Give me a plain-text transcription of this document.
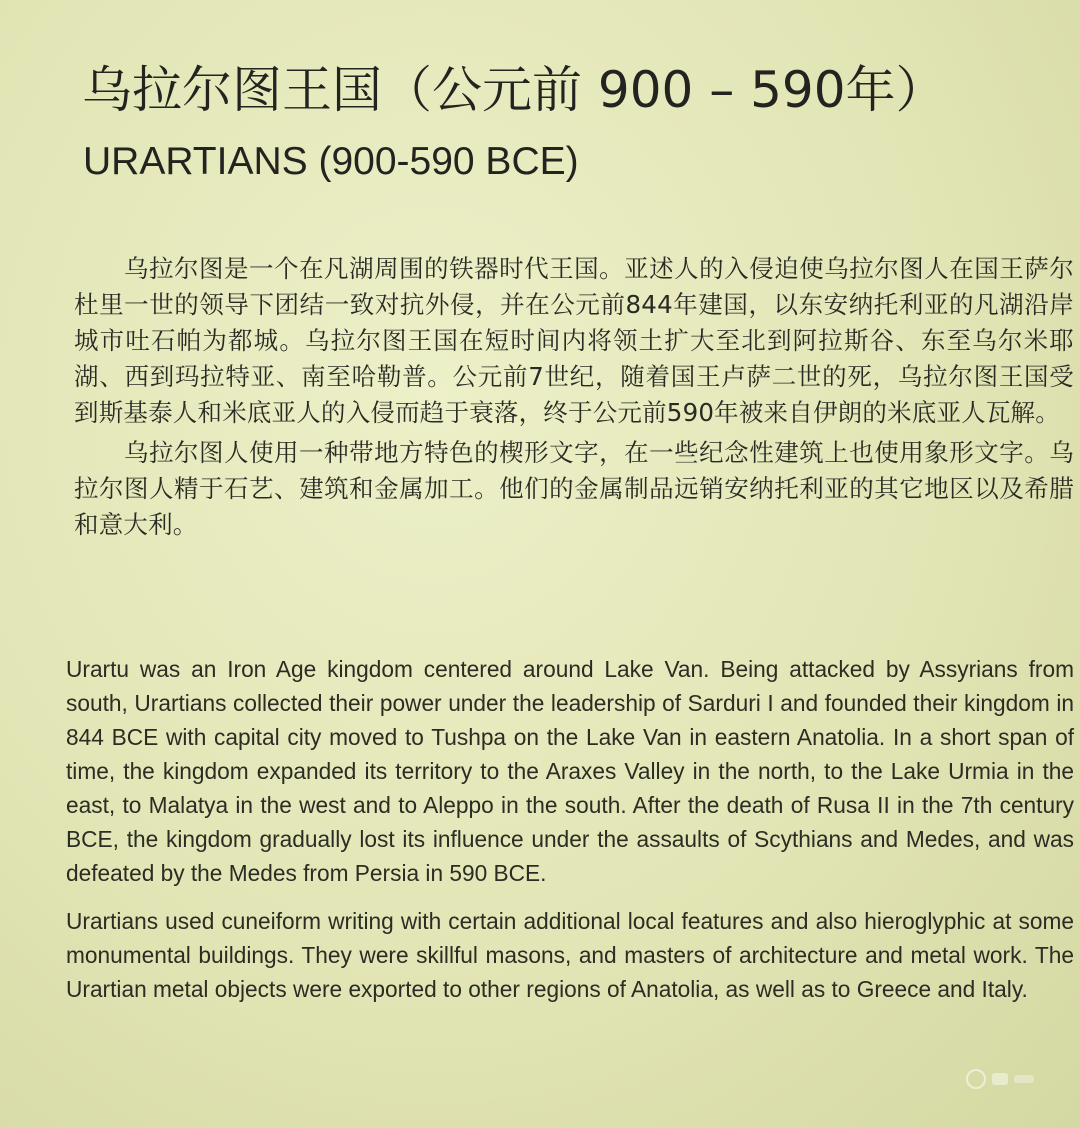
乌拉尔图王国（公元前 900 – 590年）
URARTIANS (900-590 BCE)

乌拉尔图是一个在凡湖周围的铁器时代王国。亚述人的入侵迫使乌拉尔图人在国王萨尔杜里一世的领导下团结一致对抗外侵，并在公元前844年建国，以东安纳托利亚的凡湖沿岸城市吐石帕为都城。乌拉尔图王国在短时间内将领土扩大至北到阿拉斯谷、东至乌尔米耶湖、西到玛拉特亚、南至哈勒普。公元前7世纪，随着国王卢萨二世的死，乌拉尔图王国受到斯基泰人和米底亚人的入侵而趋于衰落，终于公元前590年被来自伊朗的米底亚人瓦解。

乌拉尔图人使用一种带地方特色的楔形文字，在一些纪念性建筑上也使用象形文字。乌拉尔图人精于石艺、建筑和金属加工。他们的金属制品远销安纳托利亚的其它地区以及希腊和意大利。

Urartu was an Iron Age kingdom centered around Lake Van. Being attacked by Assyrians from south, Urartians collected their power under the leadership of Sarduri I and founded their kingdom in 844 BCE with capital city moved to Tushpa on the Lake Van in eastern Anatolia. In a short span of time, the kingdom expanded its territory to the Araxes Valley in the north, to the Lake Urmia in the east, to Malatya in the west and to Aleppo in the south. After the death of Rusa II in the 7th century BCE, the kingdom gradually lost its influence under the assaults of Scythians and Medes, and was defeated by the Medes from Persia in 590 BCE.

Urartians used cuneiform writing with certain additional local features and also hieroglyphic at some monumental buildings. They were skillful masons, and masters of architecture and metal work. The Urartian metal objects were exported to other regions of Anatolia, as well as to Greece and Italy.
